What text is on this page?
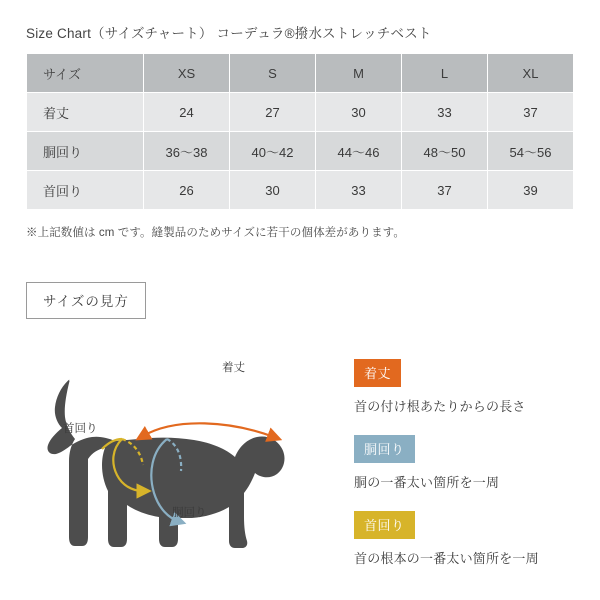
Size Chart（サイズチャート） コーデュラ®撥水ストレッチベスト
サイズ	XS	S	M	L	XL
着丈	24	27	30	33	37
胴回り	36〜38	40〜42	44〜46	48〜50	54〜56
首回り	26	30	33	37	39
※上記数値は cm です。縫製品のためサイズに若干の個体差があります。
サイズの見方
着丈
首回り
胴回り
着丈
首の付け根あたりからの長さ
胴回り
胴の一番太い箇所を一周
首回り
首の根本の一番太い箇所を一周
